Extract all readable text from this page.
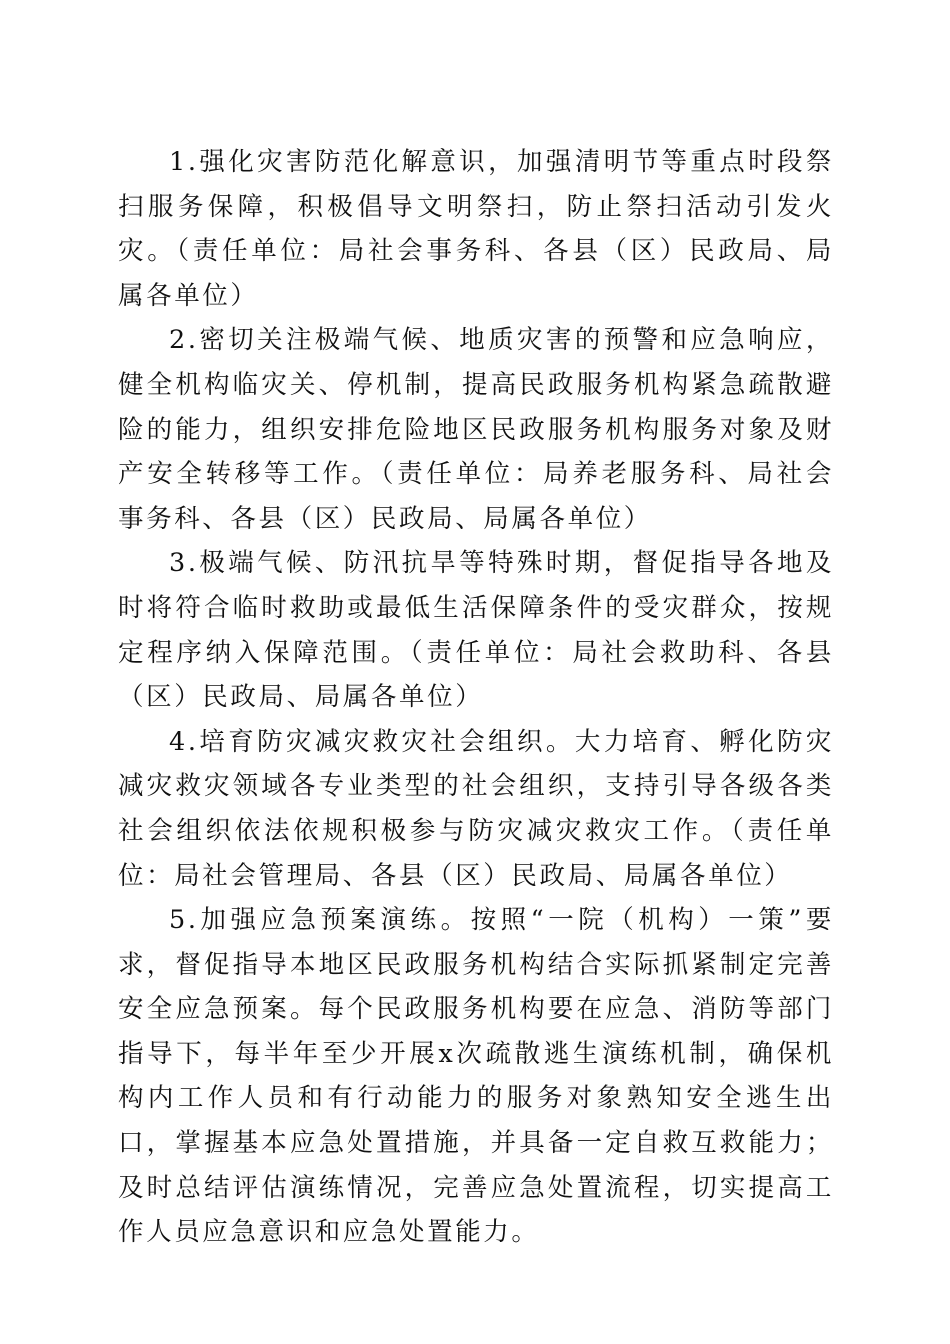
1.强化灾害防范化解意识，加强清明节等重点时段祭扫服务保障，积极倡导文明祭扫，防止祭扫活动引发火灾。（责任单位：局社会事务科、各县（区）民政局、局属各单位）

2.密切关注极端气候、地质灾害的预警和应急响应，健全机构临灾关、停机制，提高民政服务机构紧急疏散避险的能力，组织安排危险地区民政服务机构服务对象及财产安全转移等工作。（责任单位：局养老服务科、局社会事务科、各县（区）民政局、局属各单位）

3.极端气候、防汛抗旱等特殊时期，督促指导各地及时将符合临时救助或最低生活保障条件的受灾群众，按规定程序纳入保障范围。（责任单位：局社会救助科、各县（区）民政局、局属各单位）

4.培育防灾减灾救灾社会组织。大力培育、孵化防灾减灾救灾领域各专业类型的社会组织，支持引导各级各类社会组织依法依规积极参与防灾减灾救灾工作。（责任单位：局社会管理局、各县（区）民政局、局属各单位）

5.加强应急预案演练。按照“一院（机构）一策”要求，督促指导本地区民政服务机构结合实际抓紧制定完善安全应急预案。每个民政服务机构要在应急、消防等部门指导下，每半年至少开展x次疏散逃生演练机制，确保机构内工作人员和有行动能力的服务对象熟知安全逃生出口，掌握基本应急处置措施，并具备一定自救互救能力；及时总结评估演练情况，完善应急处置流程，切实提高工作人员应急意识和应急处置能力。
